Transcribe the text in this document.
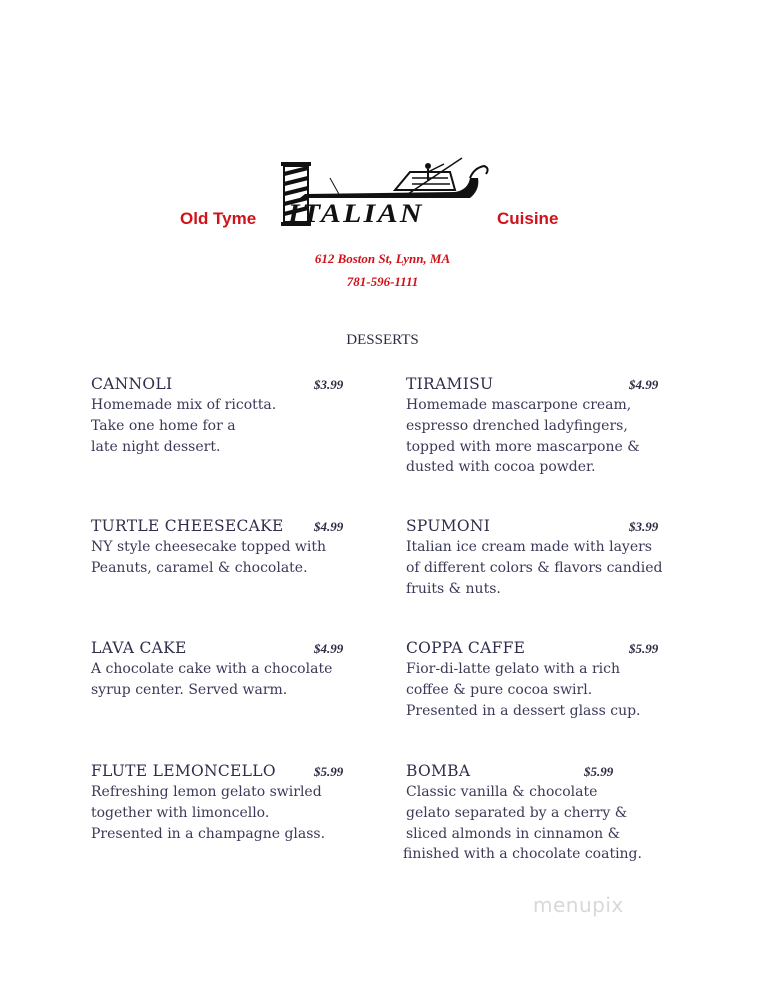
Old Tyme ITALIAN	Cuisine
612 Boston St, Lynn, MA
781-596-1111
DESSERTS
CANNOLI	$3.99
Homemade mix of ricotta.
Take one home for a
late night dessert.
TURTLE CHEESECAKE	$4.99
NY style cheesecake topped with
Peanuts, caramel & chocolate.
LAVA CAKE	$4.99
A chocolate cake with a chocolate
syrup center. Served warm.
FLUTE LEMONCELLO	$5.99
Refreshing lemon gelato swirled
together with limoncello.
Presented in a champagne glass.
TIRAMISU	$4.99
Homemade mascarpone cream,
espresso drenched ladyfingers,
topped with more mascarpone &
dusted with cocoa powder.
SPUMONI	$3.99
Italian ice cream made with layers
of different colors & flavors candied
fruits & nuts.
COPPA CAFFE	$5.99
Fior-di-latte gelato with a rich
coffee & pure cocoa swirl.
Presented in a dessert glass cup.
BOMBA	$5.99
Classic vanilla & chocolate
gelato separated by a cherry &
sliced almonds in cinnamon &
finished with a chocolate coating.
menupix
